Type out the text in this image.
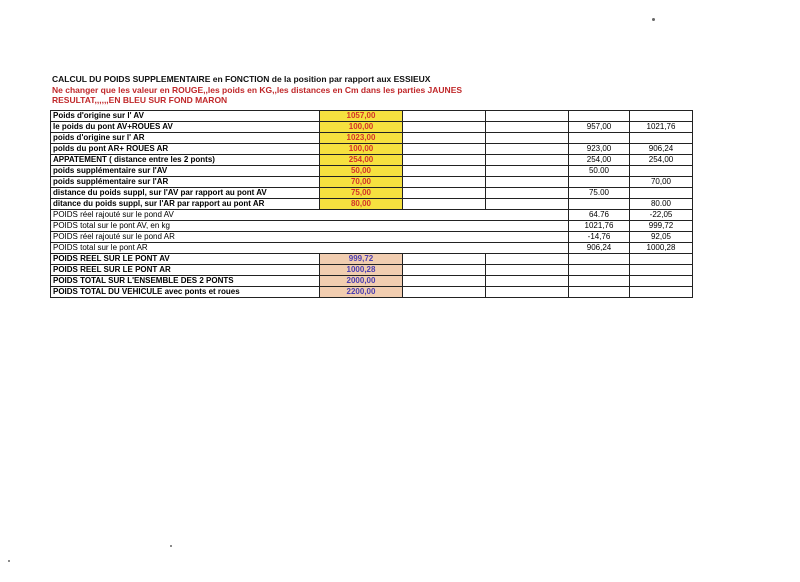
CALCUL DU POIDS SUPPLEMENTAIRE en FONCTION de la position par rapport aux ESSIEUX
Ne changer que les valeur en ROUGE,,les poids en KG,,les distances en Cm dans les parties JAUNES
RESULTAT,,,,,,EN BLEU SUR FOND MARON
Poids d'origine sur l' AV	1057,00				
le poids du pont AV+ROUES AV	100,00			957,00	1021,76
poids d'origine sur l' AR	1023,00				
polds du pont AR+ ROUES AR	100,00			923,00	906,24
APPATEMENT ( distance entre les 2 ponts)	254,00			254,00	254,00
poids supplémentaire sur l'AV	50,00			50.00	
poids supplémentaire sur l'AR	70,00				70,00
distance du poids suppl, sur l'AV par rapport au pont AV	75,00			75.00	
ditance du poids suppl, sur l'AR par rapport au pont AR	80,00				80.00
POIDS réel rajouté sur le pond AV				64.76	-22,05
POIDS total sur le pont AV, en kg				1021,76	999,72
POIDS réel rajouté sur le pond AR				-14,76	92,05
POIDS total sur le pont AR				906,24	1000,28
POIDS REEL SUR LE PONT AV	999,72				
POIDS REEL SUR LE PONT AR	1000,28				
POIDS TOTAL SUR L'ENSEMBLE DES 2 PONTS	2000,00				
POIDS TOTAL DU VEHICULE avec ponts et roues	2200,00				
